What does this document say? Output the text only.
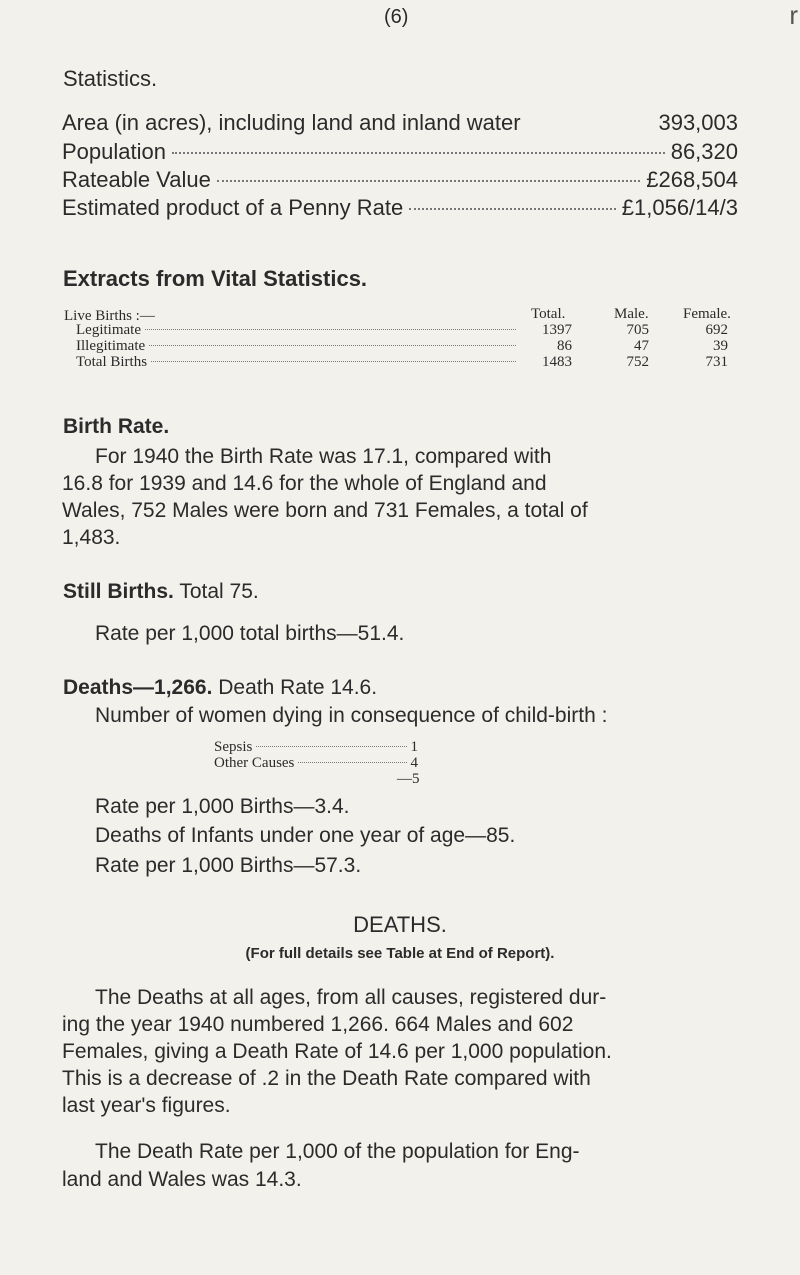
(6)	r
Statistics.
Area (in acres), including land and inland water	393,003
Population	86,320
Rateable Value	£268,504
Estimated product of a Penny Rate	£1,056/14/3
Extracts from Vital Statistics.
Live Births :—	Total.	Male. Female.
Legitimate	1397	705	692
Illegitimate	86	47	39
Total Births	1483	752	731
Birth Rate.
For 1940 the Birth Rate was 17.1, compared with
16.8 for 1939 and 14.6 for the whole of England and
Wales, 752 Males were born and 731 Females, a total of
1,483.
Still Births. Total 75.
Rate per 1,000 total births—51.4.
Deaths—1,266. Death Rate 14.6.
Number of women dying in consequence of child-birth :
Sepsis	1
Other Causes	4
—5
Rate per 1,000 Births—3.4.
Deaths of Infants under one year of age—85.
Rate per 1,000 Births—57.3.
DEATHS.
(For full details see Table at End of Report).
The Deaths at all ages, from all causes, registered dur-
ing the year 1940 numbered 1,266. 664 Males and 602
Females, giving a Death Rate of 14.6 per 1,000 population.
This is a decrease of .2 in the Death Rate compared with
last year's figures.
The Death Rate per 1,000 of the population for Eng-
land and Wales was 14.3.
